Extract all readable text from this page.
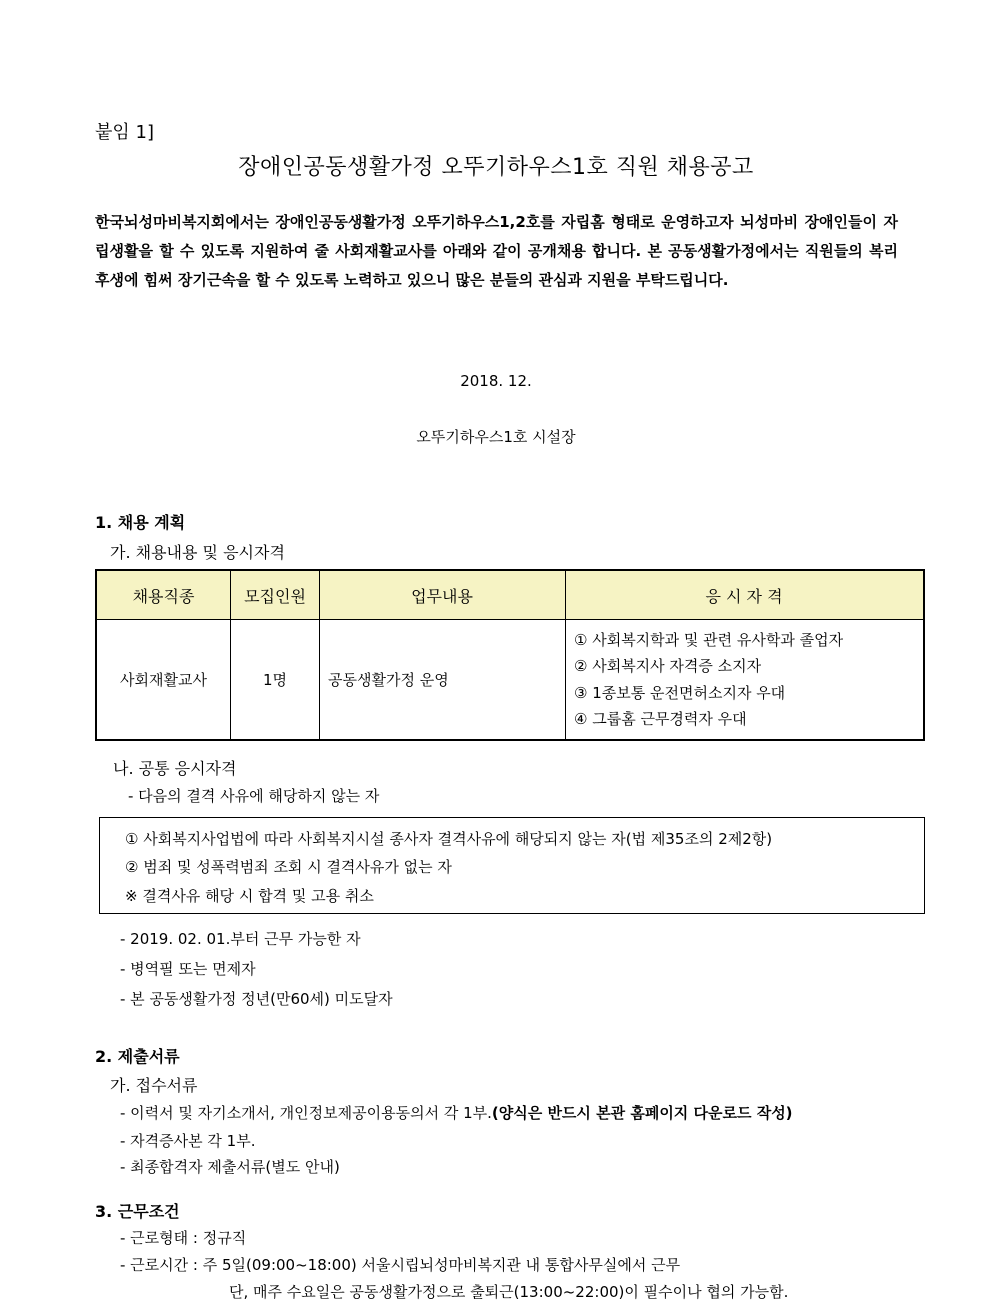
붙임 1]
장애인공동생활가정 오뚜기하우스1호 직원 채용공고

한국뇌성마비복지회에서는 장애인공동생활가정 오뚜기하우스1,2호를 자립홈 형태로 운영하고자 뇌성마비 장애인들이 자립생활을 할 수 있도록 지원하여 줄 사회재활교사를 아래와 같이 공개채용 합니다. 본 공동생활가정에서는 직원들의 복리후생에 힘써 장기근속을 할 수 있도록 노력하고 있으니 많은 분들의 관심과 지원을 부탁드립니다.

2018. 12.
오뚜기하우스1호 시설장
1. 채용 계획
가. 채용내용 및 응시자격
채용직종	모집인원	업무내용	응 시 자 격
사회재활교사	1명	공동생활가정 운영	① 사회복지학과 및 관련 유사학과 졸업자
② 사회복지사 자격증 소지자
③ 1종보통 운전면허소지자 우대
④ 그룹홈 근무경력자 우대
나. 공통 응시자격
- 다음의 결격 사유에 해당하지 않는 자
① 사회복지사업법에 따라 사회복지시설 종사자 결격사유에 해당되지 않는 자(법 제35조의 2제2항)
② 범죄 및 성폭력범죄 조회 시 결격사유가 없는 자
※ 결격사유 해당 시 합격 및 고용 취소
- 2019. 02. 01.부터 근무 가능한 자
- 병역필 또는 면제자
- 본 공동생활가정 정년(만60세) 미도달자
2. 제출서류
가. 접수서류
- 이력서 및 자기소개서, 개인정보제공이용동의서 각 1부.(양식은 반드시 본관 홈페이지 다운로드 작성)
- 자격증사본 각 1부.
- 최종합격자 제출서류(별도 안내)
3. 근무조건
- 근로형태 : 정규직
- 근로시간 : 주 5일(09:00~18:00) 서울시립뇌성마비복지관 내 통합사무실에서 근무
단, 매주 수요일은 공동생활가정으로 출퇴근(13:00~22:00)이 필수이나 협의 가능함.
